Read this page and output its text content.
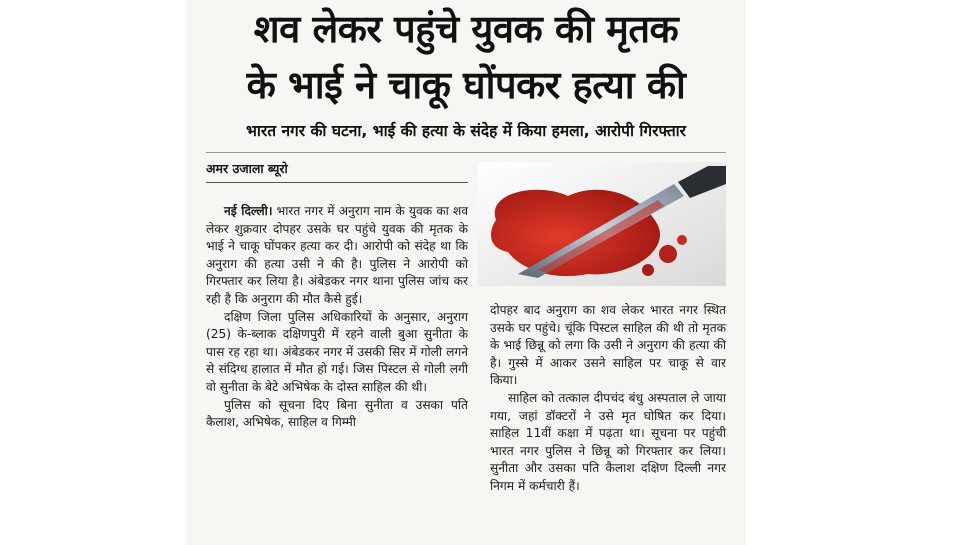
शव लेकर पहुंचे युवक की मृतक
के भाई ने चाकू घोंपकर हत्या की
भारत नगर की घटना, भाई की हत्या के संदेह में किया हमला, आरोपी गिरफ्तार
अमर उजाला ब्यूरो

नई दिल्ली। भारत नगर में अनुराग नाम के युवक का शव लेकर शुक्रवार दोपहर उसके घर पहुंचे युवक की मृतक के भाई ने चाकू घोंपकर हत्या कर दी। आरोपी को संदेह था कि अनुराग की हत्या उसी ने की है। पुलिस ने आरोपी को गिरफ्तार कर लिया है। अंबेडकर नगर थाना पुलिस जांच कर रही है कि अनुराग की मौत कैसे हुई।

दक्षिण जिला पुलिस अधिकारियों के अनुसार, अनुराग (25) के-ब्लाक दक्षिणपुरी में रहने वाली बुआ सुनीता के पास रह रहा था। अंबेडकर नगर में उसकी सिर में गोली लगने से संदिग्ध हालात में मौत हो गई। जिस पिस्टल से गोली लगी वो सुनीता के बेटे अभिषेक के दोस्त साहिल की थी।

पुलिस को सूचना दिए बिना सुनीता व उसका पति कैलाश, अभिषेक, साहिल व गिम्मी

दोपहर बाद अनुराग का शव लेकर भारत नगर स्थित उसके घर पहुंचे। चूंकि पिस्टल साहिल की थी तो मृतक के भाई छिन्नू को लगा कि उसी ने अनुराग की हत्या की है। गुस्से में आकर उसने साहिल पर चाकू से वार किया।

साहिल को तत्काल दीपचंद बंधु अस्पताल ले जाया गया, जहां डॉक्टरों ने उसे मृत घोषित कर दिया। साहिल 11वीं कक्षा में पढ़ता था। सूचना पर पहुंची भारत नगर पुलिस ने छिन्नू को गिरफ्तार कर लिया। सुनीता और उसका पति कैलाश दक्षिण दिल्ली नगर निगम में कर्मचारी हैं।
